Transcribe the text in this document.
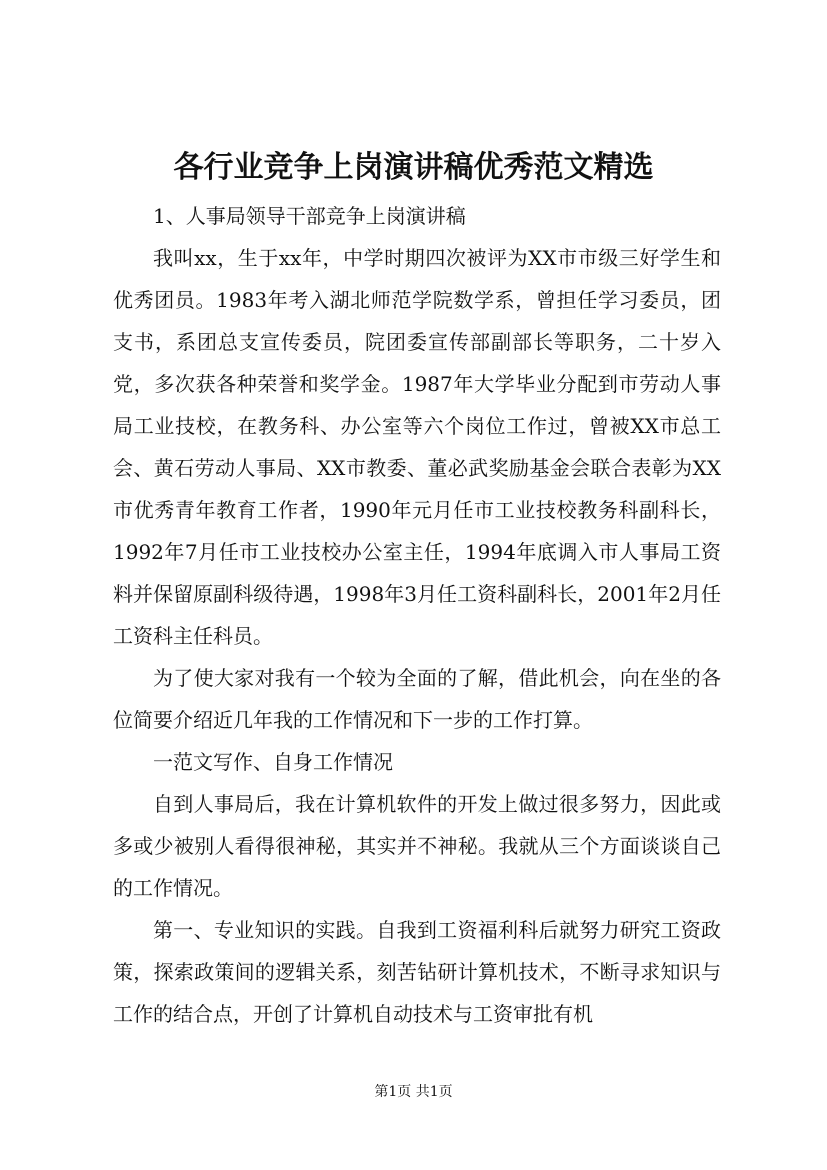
各行业竞争上岗演讲稿优秀范文精选

1、人事局领导干部竞争上岗演讲稿

我叫xx，生于xx年，中学时期四次被评为XX市市级三好学生和优秀团员。1983年考入湖北师范学院数学系，曾担任学习委员，团支书，系团总支宣传委员，院团委宣传部副部长等职务，二十岁入党，多次获各种荣誉和奖学金。1987年大学毕业分配到市劳动人事局工业技校，在教务科、办公室等六个岗位工作过，曾被XX市总工会、黄石劳动人事局、XX市教委、董必武奖励基金会联合表彰为XX市优秀青年教育工作者，1990年元月任市工业技校教务科副科长，1992年7月任市工业技校办公室主任，1994年底调入市人事局工资料并保留原副科级待遇，1998年3月任工资科副科长，2001年2月任工资科主任科员。

为了使大家对我有一个较为全面的了解，借此机会，向在坐的各位简要介绍近几年我的工作情况和下一步的工作打算。

一范文写作、自身工作情况

自到人事局后，我在计算机软件的开发上做过很多努力，因此或多或少被别人看得很神秘，其实并不神秘。我就从三个方面谈谈自己的工作情况。

第一、专业知识的实践。自我到工资福利科后就努力研究工资政策，探索政策间的逻辑关系，刻苦钻研计算机技术，不断寻求知识与工作的结合点，开创了计算机自动技术与工资审批有机

第1页 共1页
